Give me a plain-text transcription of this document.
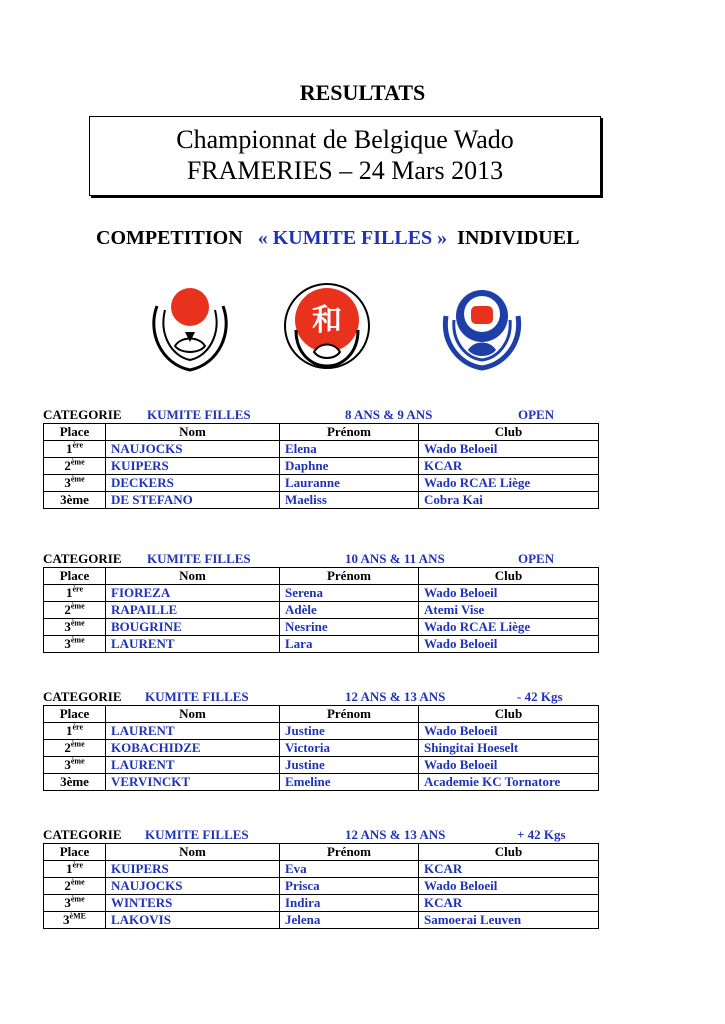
RESULTATS
Championnat de Belgique Wado
FRAMERIES – 24 Mars 2013
COMPETITION « KUMITE FILLES » INDIVIDUEL
和
CATEGORIE KUMITE FILLES	8 ANS & 9 ANS	OPEN
Place	Nom	Prénom	Club
1ère	NAUJOCKS	Elena	Wado Beloeil
2ème	KUIPERS	Daphne	KCAR
3ème	DECKERS	Lauranne	Wado RCAE Liège
3ème	DE STEFANO	Maeliss	Cobra Kai
CATEGORIE KUMITE FILLES	10 ANS & 11 ANS	OPEN
Place	Nom	Prénom	Club
1ère	FIOREZA	Serena	Wado Beloeil
2ème	RAPAILLE	Adèle	Atemi Vise
3ème	BOUGRINE	Nesrine	Wado RCAE Liège
3ème	LAURENT	Lara	Wado Beloeil
CATEGORIE KUMITE FILLES	12 ANS & 13 ANS	- 42 Kgs
Place	Nom	Prénom	Club
1ère	LAURENT	Justine	Wado Beloeil
2ème	KOBACHIDZE	Victoria	Shingitai Hoeselt
3ème	LAURENT	Justine	Wado Beloeil
3ème	VERVINCKT	Emeline	Academie KC Tornatore
CATEGORIE KUMITE FILLES	12 ANS & 13 ANS	+ 42 Kgs
Place	Nom	Prénom	Club
1ère	KUIPERS	Eva	KCAR
2ème	NAUJOCKS	Prisca	Wado Beloeil
3ème	WINTERS	Indira	KCAR
3èME	LAKOVIS	Jelena	Samoerai Leuven
